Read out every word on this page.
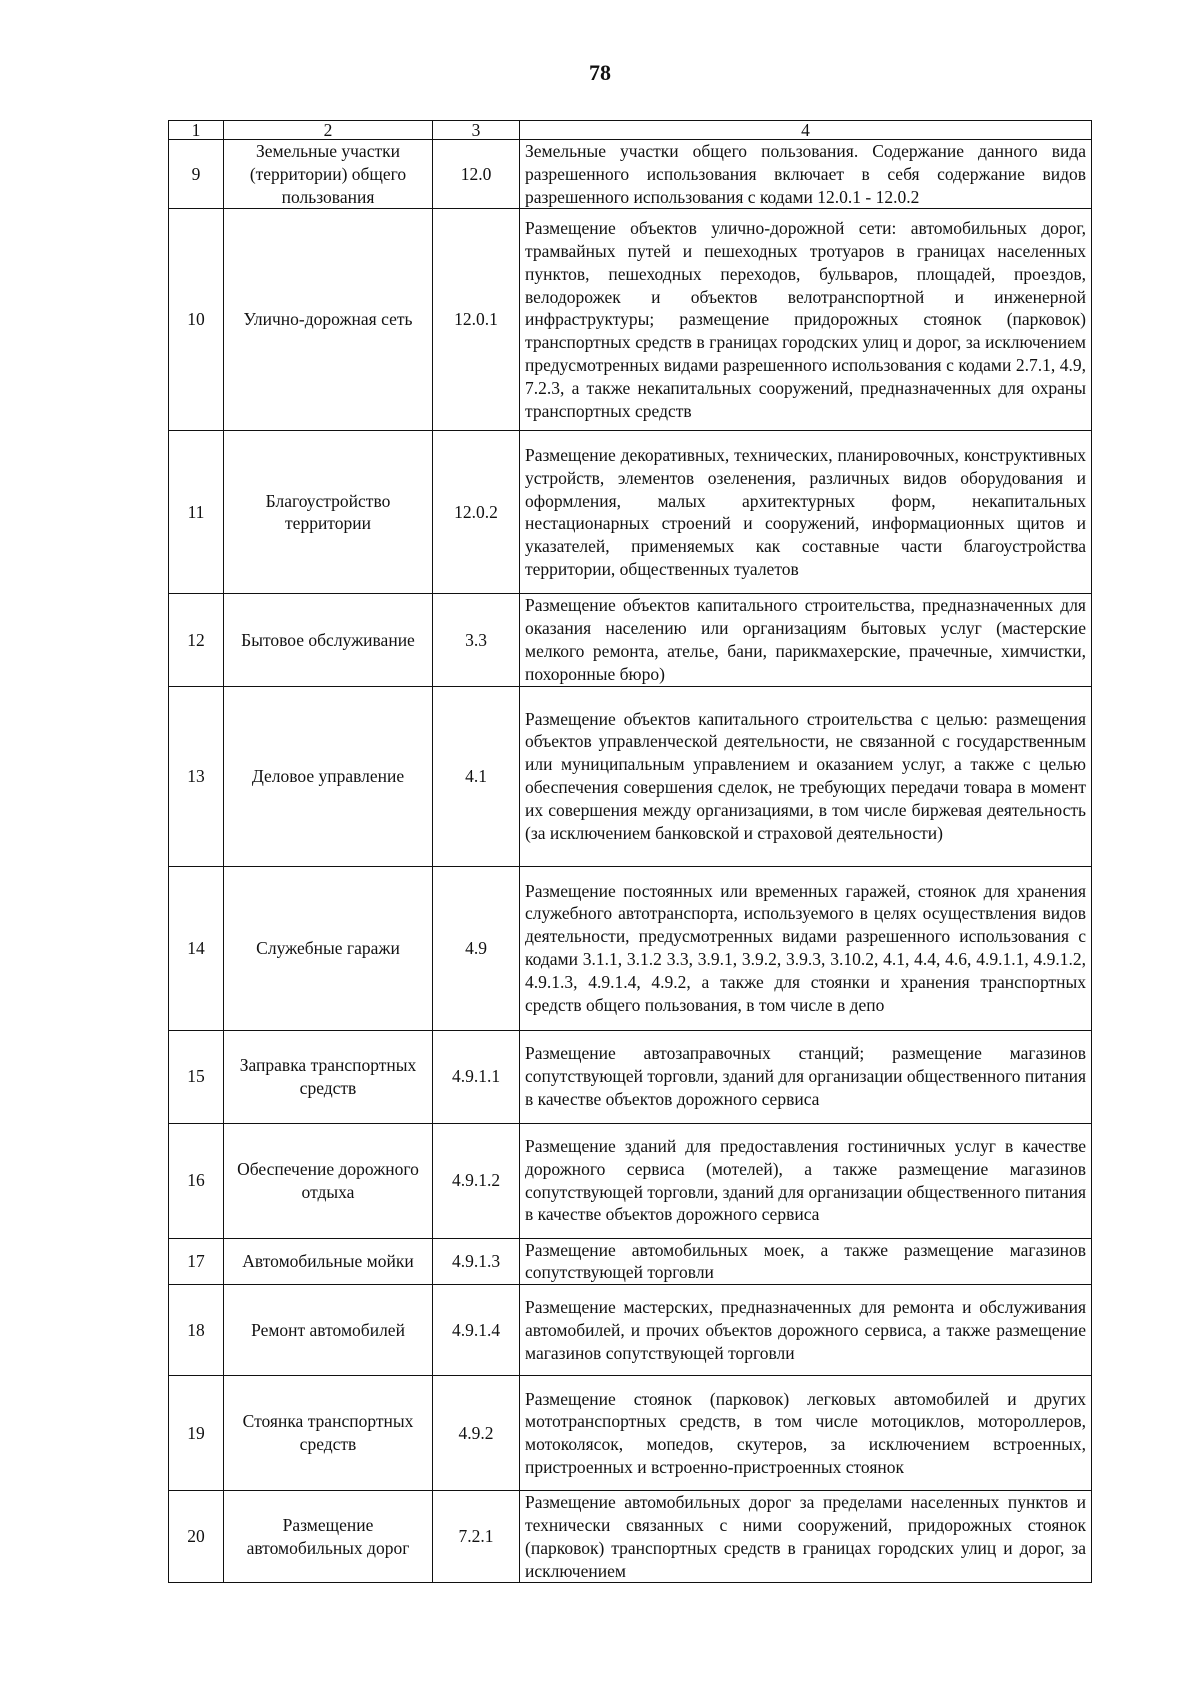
78
1	2	3	4
9	Земельные участки (территории) общего пользования	12.0	Земельные участки общего пользования. Содержание данного вида разрешенного использования включает в себя содержание видов разрешенного использования с кодами 12.0.1 - 12.0.2
10	Улично-дорожная сеть	12.0.1	Размещение объектов улично-дорожной сети: автомобильных дорог, трамвайных путей и пешеходных тротуаров в границах населенных пунктов, пешеходных переходов, бульваров, площадей, проездов, велодорожек и объектов велотранспортной и инженерной инфраструктуры; размещение придорожных стоянок (парковок) транспортных средств в границах городских улиц и дорог, за исключением предусмотренных видами разрешенного использования с кодами 2.7.1, 4.9, 7.2.3, а также некапитальных сооружений, предназначенных для охраны транспортных средств
11	Благоустройство территории	12.0.2	Размещение декоративных, технических, планировочных, конструктивных устройств, элементов озеленения, различных видов оборудования и оформления, малых архитектурных форм, некапитальных нестационарных строений и сооружений, информационных щитов и указателей, применяемых как составные части благоустройства территории, общественных туалетов
12	Бытовое обслуживание	3.3	Размещение объектов капитального строительства, предназначенных для оказания населению или организациям бытовых услуг (мастерские мелкого ремонта, ателье, бани, парикмахерские, прачечные, химчистки, похоронные бюро)
13	Деловое управление	4.1	Размещение объектов капитального строительства с целью: размещения объектов управленческой деятельности, не связанной с государственным или муниципальным управлением и оказанием услуг, а также с целью обеспечения совершения сделок, не требующих передачи товара в момент их совершения между организациями, в том числе биржевая деятельность (за исключением банковской и страховой деятельности)
14	Служебные гаражи	4.9	Размещение постоянных или временных гаражей, стоянок для хранения служебного автотранспорта, используемого в целях осуществления видов деятельности, предусмотренных видами разрешенного использования с кодами 3.1.1, 3.1.2 3.3, 3.9.1, 3.9.2, 3.9.3, 3.10.2, 4.1, 4.4, 4.6, 4.9.1.1, 4.9.1.2, 4.9.1.3, 4.9.1.4, 4.9.2, а также для стоянки и хранения транспортных средств общего пользования, в том числе в депо
15	Заправка транспортных средств	4.9.1.1	Размещение автозаправочных станций; размещение магазинов сопутствующей торговли, зданий для организации общественного питания в качестве объектов дорожного сервиса
16	Обеспечение дорожного отдыха	4.9.1.2	Размещение зданий для предоставления гостиничных услуг в качестве дорожного сервиса (мотелей), а также размещение магазинов сопутствующей торговли, зданий для организации общественного питания в качестве объектов дорожного сервиса
17	Автомобильные мойки	4.9.1.3	Размещение автомобильных моек, а также размещение магазинов сопутствующей торговли
18	Ремонт автомобилей	4.9.1.4	Размещение мастерских, предназначенных для ремонта и обслуживания автомобилей, и прочих объектов дорожного сервиса, а также размещение магазинов сопутствующей торговли
19	Стоянка транспортных средств	4.9.2	Размещение стоянок (парковок) легковых автомобилей и других мототранспортных средств, в том числе мотоциклов, мотороллеров, мотоколясок, мопедов, скутеров, за исключением встроенных, пристроенных и встроенно-пристроенных стоянок
20	Размещение автомобильных дорог	7.2.1	Размещение автомобильных дорог за пределами населенных пунктов и технически связанных с ними сооружений, придорожных стоянок (парковок) транспортных средств в границах городских улиц и дорог, за исключением
